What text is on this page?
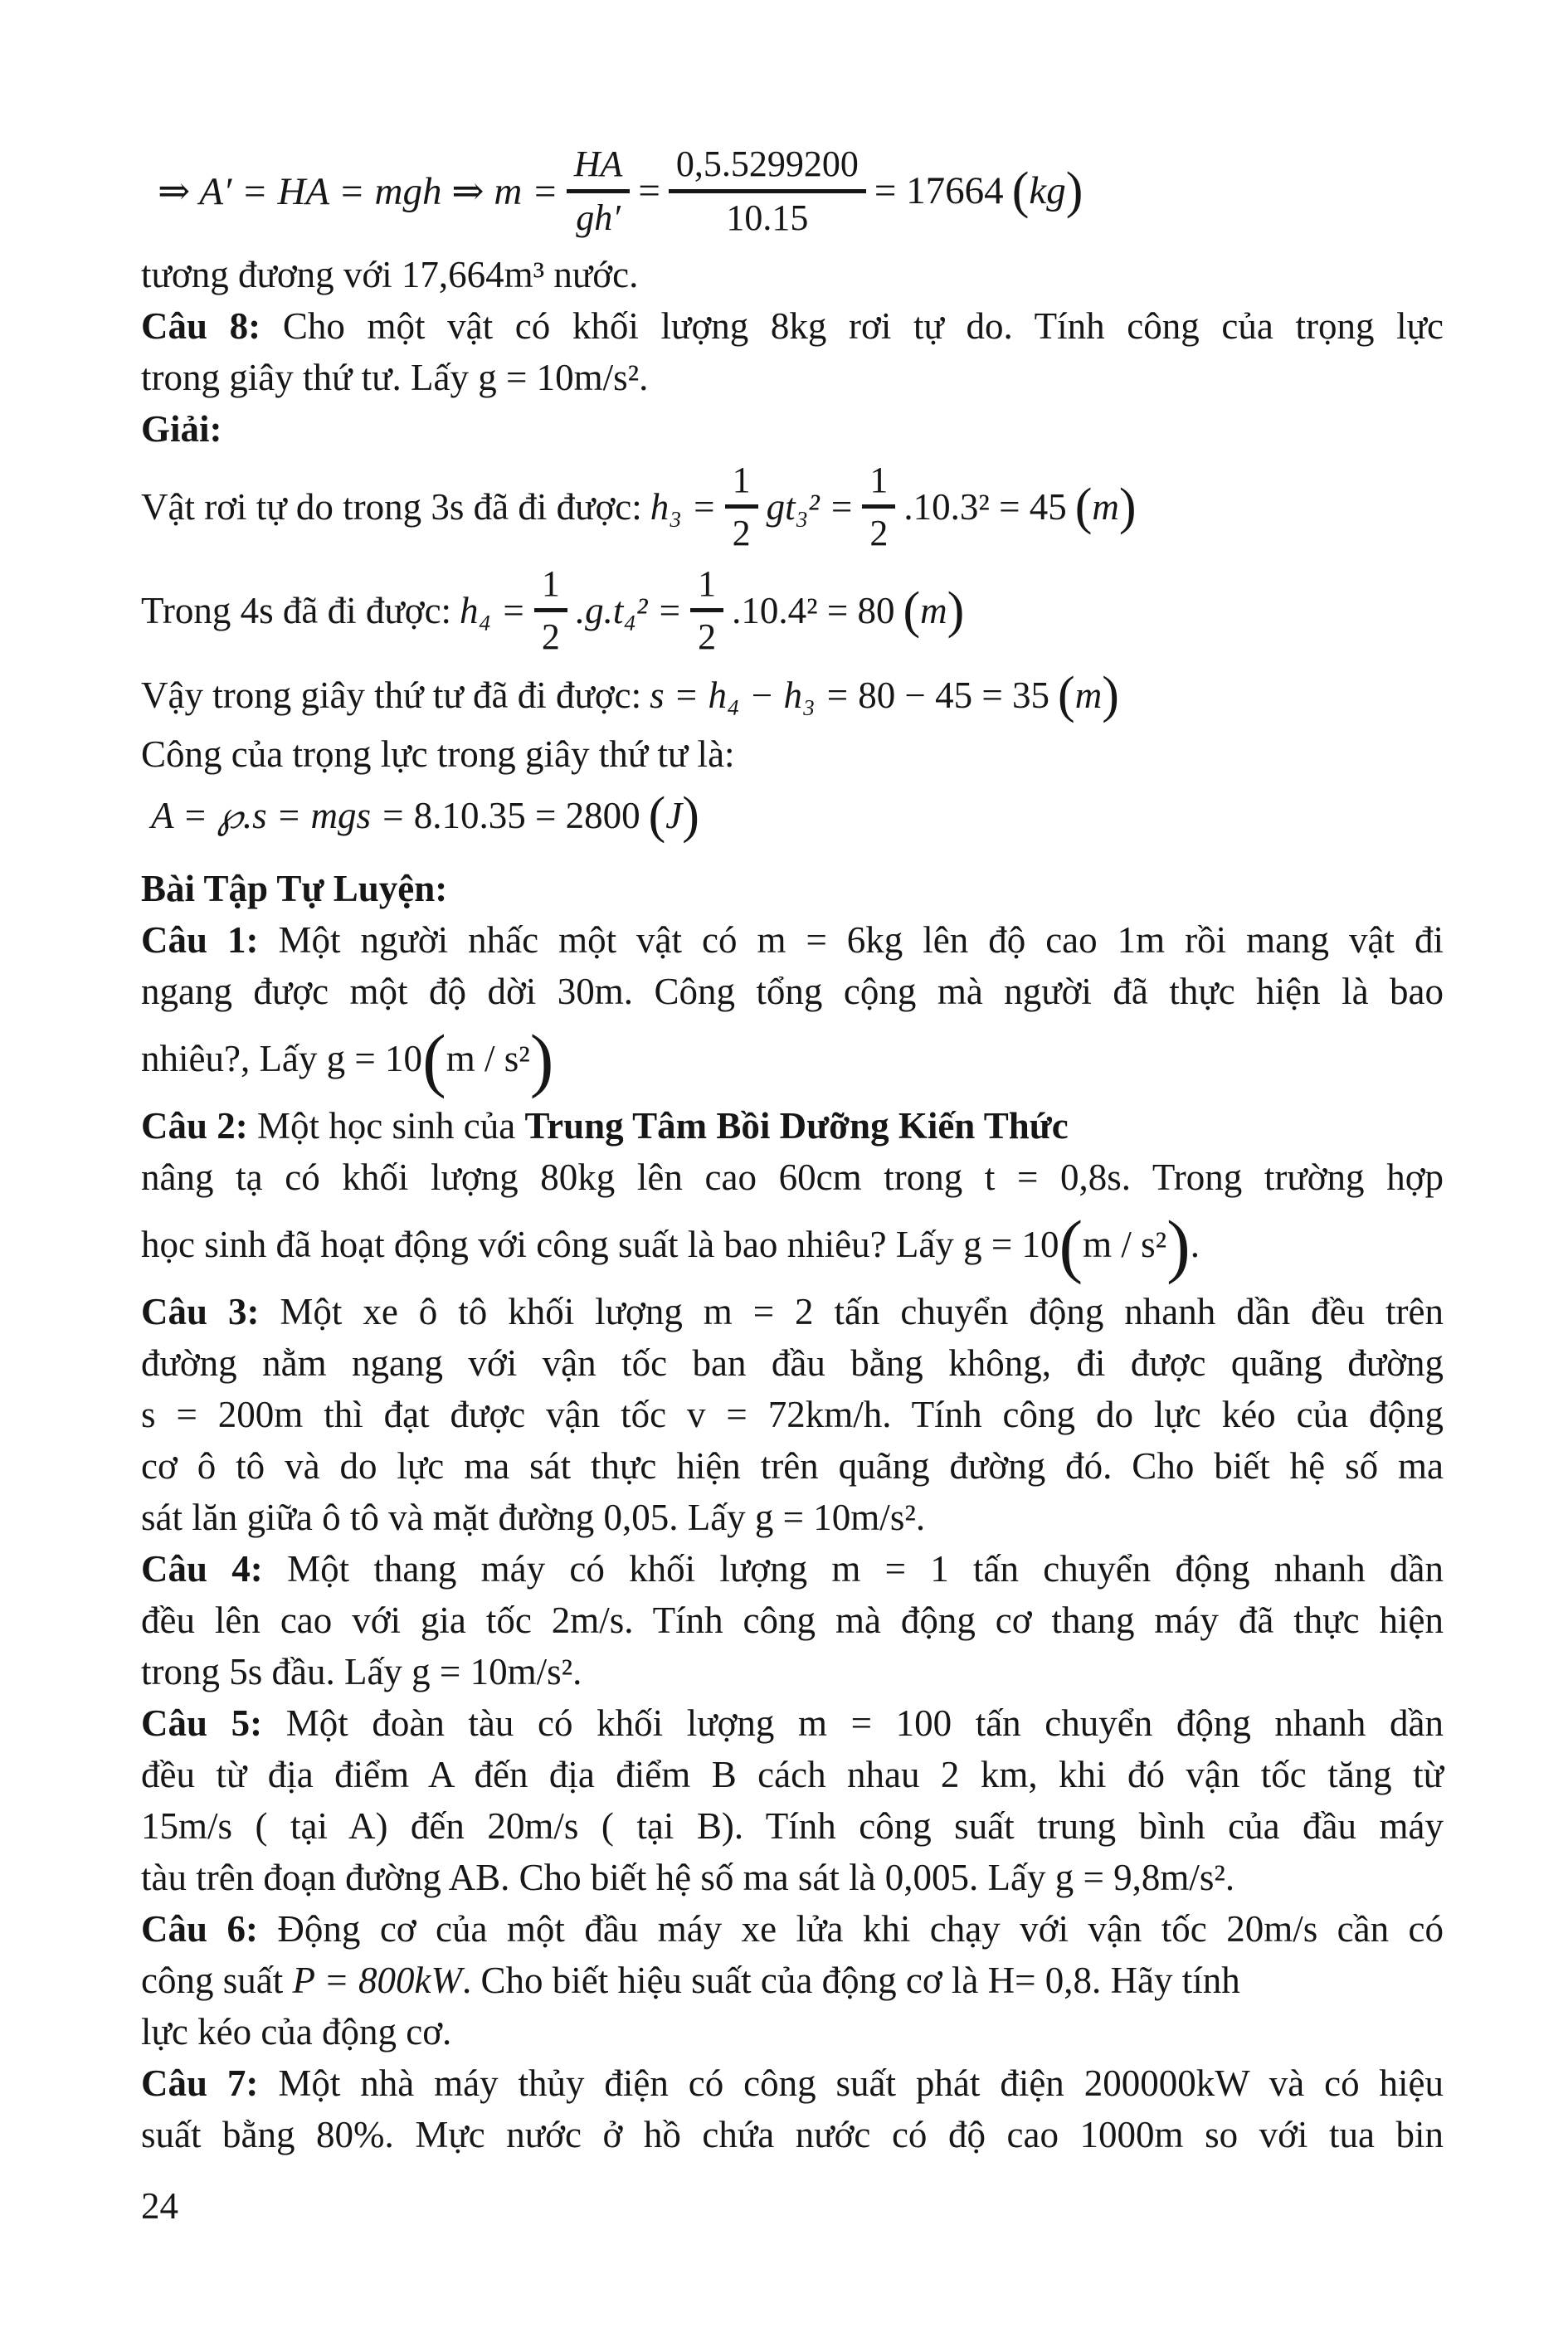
⇒ A′ = HA = mgh ⇒ $m = \frac{HA}{gh'} = \frac{0,5.5299200}{10.15} = 17664$ ( kg )
tương đương với 17,664m³ nước.
Câu 8: Cho một vật có khối lượng 8kg rơi tự do. Tính công của trọng lực
trong giây thứ tư. Lấy g = 10m/s².
Giải:
Vật rơi tự do trong 3s đã đi được: $h_3 = \frac{1}{2} gt_3^2 = \frac{1}{2} .10.3^2 = 45$ ( m )
Trong 4s đã đi được: $h_4 = \frac{1}{2} .g.t_4^2 = \frac{1}{2} .10.4^2 = 80$ ( m )
Vậy trong giây thứ tư đã đi được: s = h₄ − h₃ = 80 − 45 = 35 ( m )
Công của trọng lực trong giây thứ tư là:
A = ℘.s = mgs = 8.10.35 = 2800 ( J )
Bài Tập Tự Luyện:
Câu 1: Một người nhấc một vật có m = 6kg lên độ cao 1m rồi mang vật đi
ngang được một độ dời 30m. Công tổng cộng mà người đã thực hiện là bao
nhiêu?, Lấy g = 10(m / s²)
Câu 2: Một học sinh của Trung Tâm Bồi Dưỡng Kiến Thức
nâng tạ có khối lượng 80kg lên cao 60cm trong t = 0,8s. Trong trường hợp
học sinh đã hoạt động với công suất là bao nhiêu? Lấy g = 10(m / s²).
Câu 3: Một xe ô tô khối lượng m = 2 tấn chuyển động nhanh dần đều trên
đường nằm ngang với vận tốc ban đầu bằng không, đi được quãng đường
s = 200m thì đạt được vận tốc v = 72km/h. Tính công do lực kéo của động
cơ ô tô và do lực ma sát thực hiện trên quãng đường đó. Cho biết hệ số ma
sát lăn giữa ô tô và mặt đường 0,05. Lấy g = 10m/s².
Câu 4: Một thang máy có khối lượng m = 1 tấn chuyển động nhanh dần
đều lên cao với gia tốc 2m/s. Tính công mà động cơ thang máy đã thực hiện
trong 5s đầu. Lấy g = 10m/s².
Câu 5: Một đoàn tàu có khối lượng m = 100 tấn chuyển động nhanh dần
đều từ địa điểm A đến địa điểm B cách nhau 2 km, khi đó vận tốc tăng từ
15m/s ( tại A) đến 20m/s ( tại B). Tính công suất trung bình của đầu máy
tàu trên đoạn đường AB. Cho biết hệ số ma sát là 0,005. Lấy g = 9,8m/s².
Câu 6: Động cơ của một đầu máy xe lửa khi chạy với vận tốc 20m/s cần có
công suất P = 800kW. Cho biết hiệu suất của động cơ là H= 0,8. Hãy tính
lực kéo của động cơ.
Câu 7: Một nhà máy thủy điện có công suất phát điện 200000kW và có hiệu
suất bằng 80%. Mực nước ở hồ chứa nước có độ cao 1000m so với tua bin
24
